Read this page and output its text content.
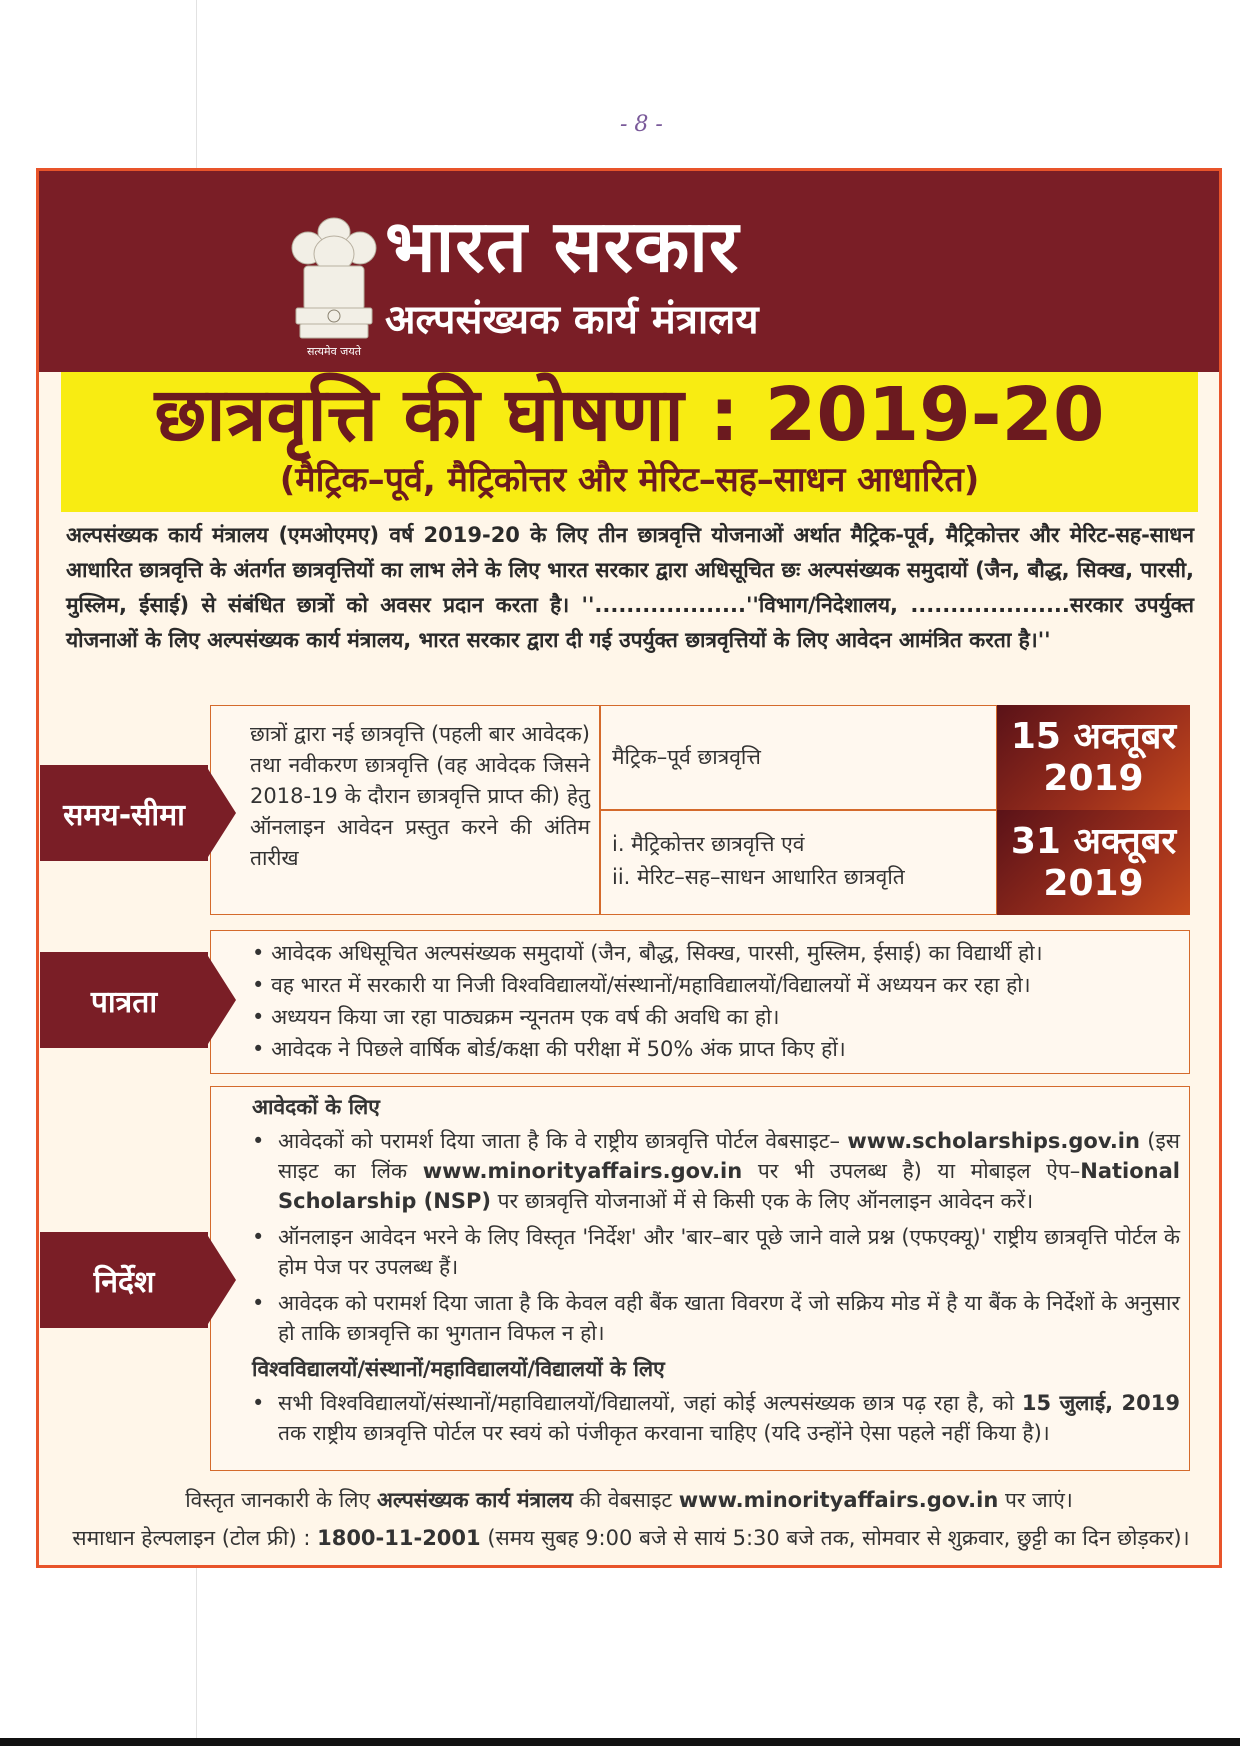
- 8 -
सत्यमेव जयते
भारत सरकार
अल्पसंख्यक कार्य मंत्रालय
छात्रवृत्ति की घोषणा : 2019-20
(मैट्रिक–पूर्व, मैट्रिकोत्तर और मेरिट–सह–साधन आधारित)

अल्पसंख्यक कार्य मंत्रालय (एमओएमए) वर्ष 2019-20 के लिए तीन छात्रवृत्ति योजनाओं अर्थात मैट्रिक-पूर्व, मैट्रिकोत्तर और मेरिट-सह-साधन आधारित छात्रवृत्ति के अंतर्गत छात्रवृत्तियों का लाभ लेने के लिए भारत सरकार द्वारा अधिसूचित छः अल्पसंख्यक समुदायों (जैन, बौद्ध, सिक्ख, पारसी, मुस्लिम, ईसाई) से संबंधित छात्रों को अवसर प्रदान करता है। ''...................''विभाग/निदेशालय, ....................सरकार उपर्युक्त योजनाओं के लिए अल्पसंख्यक कार्य मंत्रालय, भारत सरकार द्वारा दी गई उपर्युक्त छात्रवृत्तियों के लिए आवेदन आमंत्रित करता है।''

छात्रों द्वारा नई छात्रवृत्ति (पहली बार आवेदक) तथा नवीकरण छात्रवृत्ति (वह आवेदक जिसने 2018-19 के दौरान छात्रवृत्ति प्राप्त की) हेतु ऑनलाइन आवेदन प्रस्तुत करने की अंतिम तारीख
मैट्रिक–पूर्व छात्रवृत्ति
15 अक्तूबर
2019
i. मैट्रिकोत्तर छात्रवृत्ति एवं
ii. मेरिट–सह–साधन आधारित छात्रवृति
31 अक्तूबर
2019
समय-सीमा
• आवेदक अधिसूचित अल्पसंख्यक समुदायों (जैन, बौद्ध, सिक्ख, पारसी, मुस्लिम, ईसाई) का विद्यार्थी हो।
• वह भारत में सरकारी या निजी विश्वविद्यालयों/संस्थानों/महाविद्यालयों/विद्यालयों में अध्ययन कर रहा हो।
• अध्ययन किया जा रहा पाठ्यक्रम न्यूनतम एक वर्ष की अवधि का हो।
• आवेदक ने पिछले वार्षिक बोर्ड/कक्षा की परीक्षा में 50% अंक प्राप्त किए हों।
पात्रता
आवेदकों के लिए
• आवेदकों को परामर्श दिया जाता है कि वे राष्ट्रीय छात्रवृत्ति पोर्टल वेबसाइट– www.scholarships.gov.in (इस साइट का लिंक www.minorityaffairs.gov.in पर भी उपलब्ध है) या मोबाइल ऐप–National Scholarship (NSP) पर छात्रवृत्ति योजनाओं में से किसी एक के लिए ऑनलाइन आवेदन करें।
• ऑनलाइन आवेदन भरने के लिए विस्तृत 'निर्देश' और 'बार–बार पूछे जाने वाले प्रश्न (एफएक्यू)' राष्ट्रीय छात्रवृत्ति पोर्टल के होम पेज पर उपलब्ध हैं।
• आवेदक को परामर्श दिया जाता है कि केवल वही बैंक खाता विवरण दें जो सक्रिय मोड में है या बैंक के निर्देशों के अनुसार हो ताकि छात्रवृत्ति का भुगतान विफल न हो।
विश्वविद्यालयों/संस्थानों/महाविद्यालयों/विद्यालयों के लिए
• सभी विश्वविद्यालयों/संस्थानों/महाविद्यालयों/विद्यालयों, जहां कोई अल्पसंख्यक छात्र पढ़ रहा है, को 15 जुलाई, 2019 तक राष्ट्रीय छात्रवृत्ति पोर्टल पर स्वयं को पंजीकृत करवाना चाहिए (यदि उन्होंने ऐसा पहले नहीं किया है)।
निर्देश
विस्तृत जानकारी के लिए अल्पसंख्यक कार्य मंत्रालय की वेबसाइट www.minorityaffairs.gov.in पर जाएं।
समाधान हेल्पलाइन (टोल फ्री) : 1800-11-2001 (समय सुबह 9:00 बजे से सायं 5:30 बजे तक, सोमवार से शुक्रवार, छुट्टी का दिन छोड़कर)।
